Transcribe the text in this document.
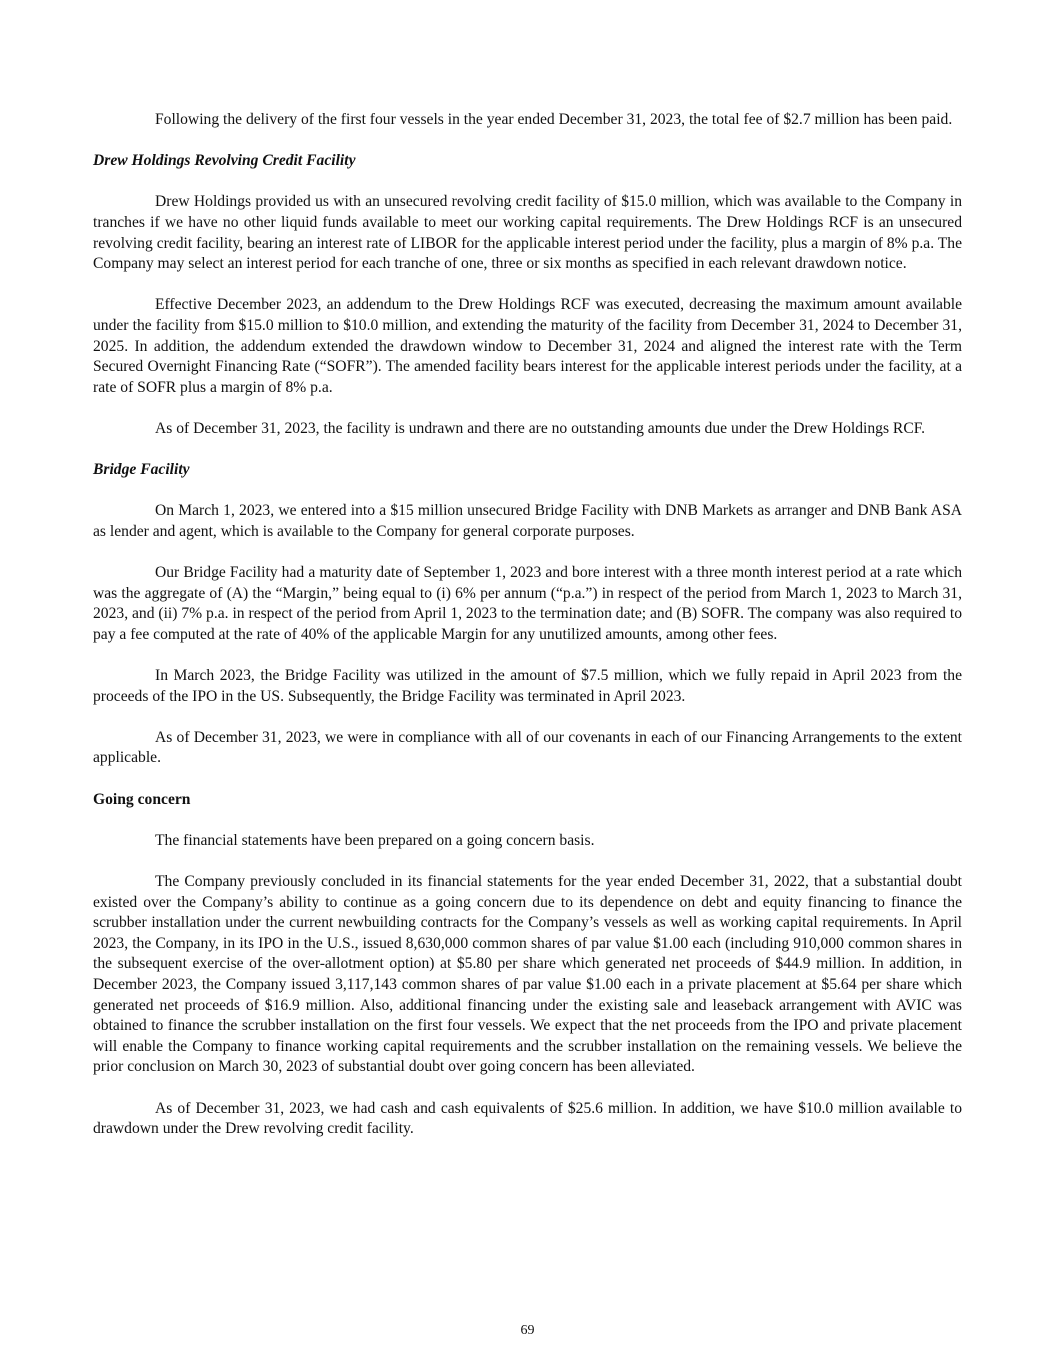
Following the delivery of the first four vessels in the year ended December 31, 2023, the total fee of $2.7 million has been paid.

Drew Holdings Revolving Credit Facility

Drew Holdings provided us with an unsecured revolving credit facility of $15.0 million, which was available to the Company in tranches if we have no other liquid funds available to meet our working capital requirements. The Drew Holdings RCF is an unsecured revolving credit facility, bearing an interest rate of LIBOR for the applicable interest period under the facility, plus a margin of 8% p.a. The Company may select an interest period for each tranche of one, three or six months as specified in each relevant drawdown notice.

Effective December 2023, an addendum to the Drew Holdings RCF was executed, decreasing the maximum amount available under the facility from $15.0 million to $10.0 million, and extending the maturity of the facility from December 31, 2024 to December 31, 2025. In addition, the addendum extended the drawdown window to December 31, 2024 and aligned the interest rate with the Term Secured Overnight Financing Rate (“SOFR”). The amended facility bears interest for the applicable interest periods under the facility, at a rate of SOFR plus a margin of 8% p.a.

As of December 31, 2023, the facility is undrawn and there are no outstanding amounts due under the Drew Holdings RCF.

Bridge Facility

On March 1, 2023, we entered into a $15 million unsecured Bridge Facility with DNB Markets as arranger and DNB Bank ASA as lender and agent, which is available to the Company for general corporate purposes.

Our Bridge Facility had a maturity date of September 1, 2023 and bore interest with a three month interest period at a rate which was the aggregate of (A) the “Margin,” being equal to (i) 6% per annum (“p.a.”) in respect of the period from March 1, 2023 to March 31, 2023, and (ii) 7% p.a. in respect of the period from April 1, 2023 to the termination date; and (B) SOFR. The company was also required to pay a fee computed at the rate of 40% of the applicable Margin for any unutilized amounts, among other fees.

In March 2023, the Bridge Facility was utilized in the amount of $7.5 million, which we fully repaid in April 2023 from the proceeds of the IPO in the US. Subsequently, the Bridge Facility was terminated in April 2023.

As of December 31, 2023, we were in compliance with all of our covenants in each of our Financing Arrangements to the extent applicable.

Going concern

The financial statements have been prepared on a going concern basis.

The Company previously concluded in its financial statements for the year ended December 31, 2022, that a substantial doubt existed over the Company’s ability to continue as a going concern due to its dependence on debt and equity financing to finance the scrubber installation under the current newbuilding contracts for the Company’s vessels as well as working capital requirements. In April 2023, the Company, in its IPO in the U.S., issued 8,630,000 common shares of par value $1.00 each (including 910,000 common shares in the subsequent exercise of the over-allotment option) at $5.80 per share which generated net proceeds of $44.9 million. In addition, in December 2023, the Company issued 3,117,143 common shares of par value $1.00 each in a private placement at $5.64 per share which generated net proceeds of $16.9 million. Also, additional financing under the existing sale and leaseback arrangement with AVIC was obtained to finance the scrubber installation on the first four vessels. We expect that the net proceeds from the IPO and private placement will enable the Company to finance working capital requirements and the scrubber installation on the remaining vessels. We believe the prior conclusion on March 30, 2023 of substantial doubt over going concern has been alleviated.

As of December 31, 2023, we had cash and cash equivalents of $25.6 million. In addition, we have $10.0 million available to drawdown under the Drew revolving credit facility.

69
